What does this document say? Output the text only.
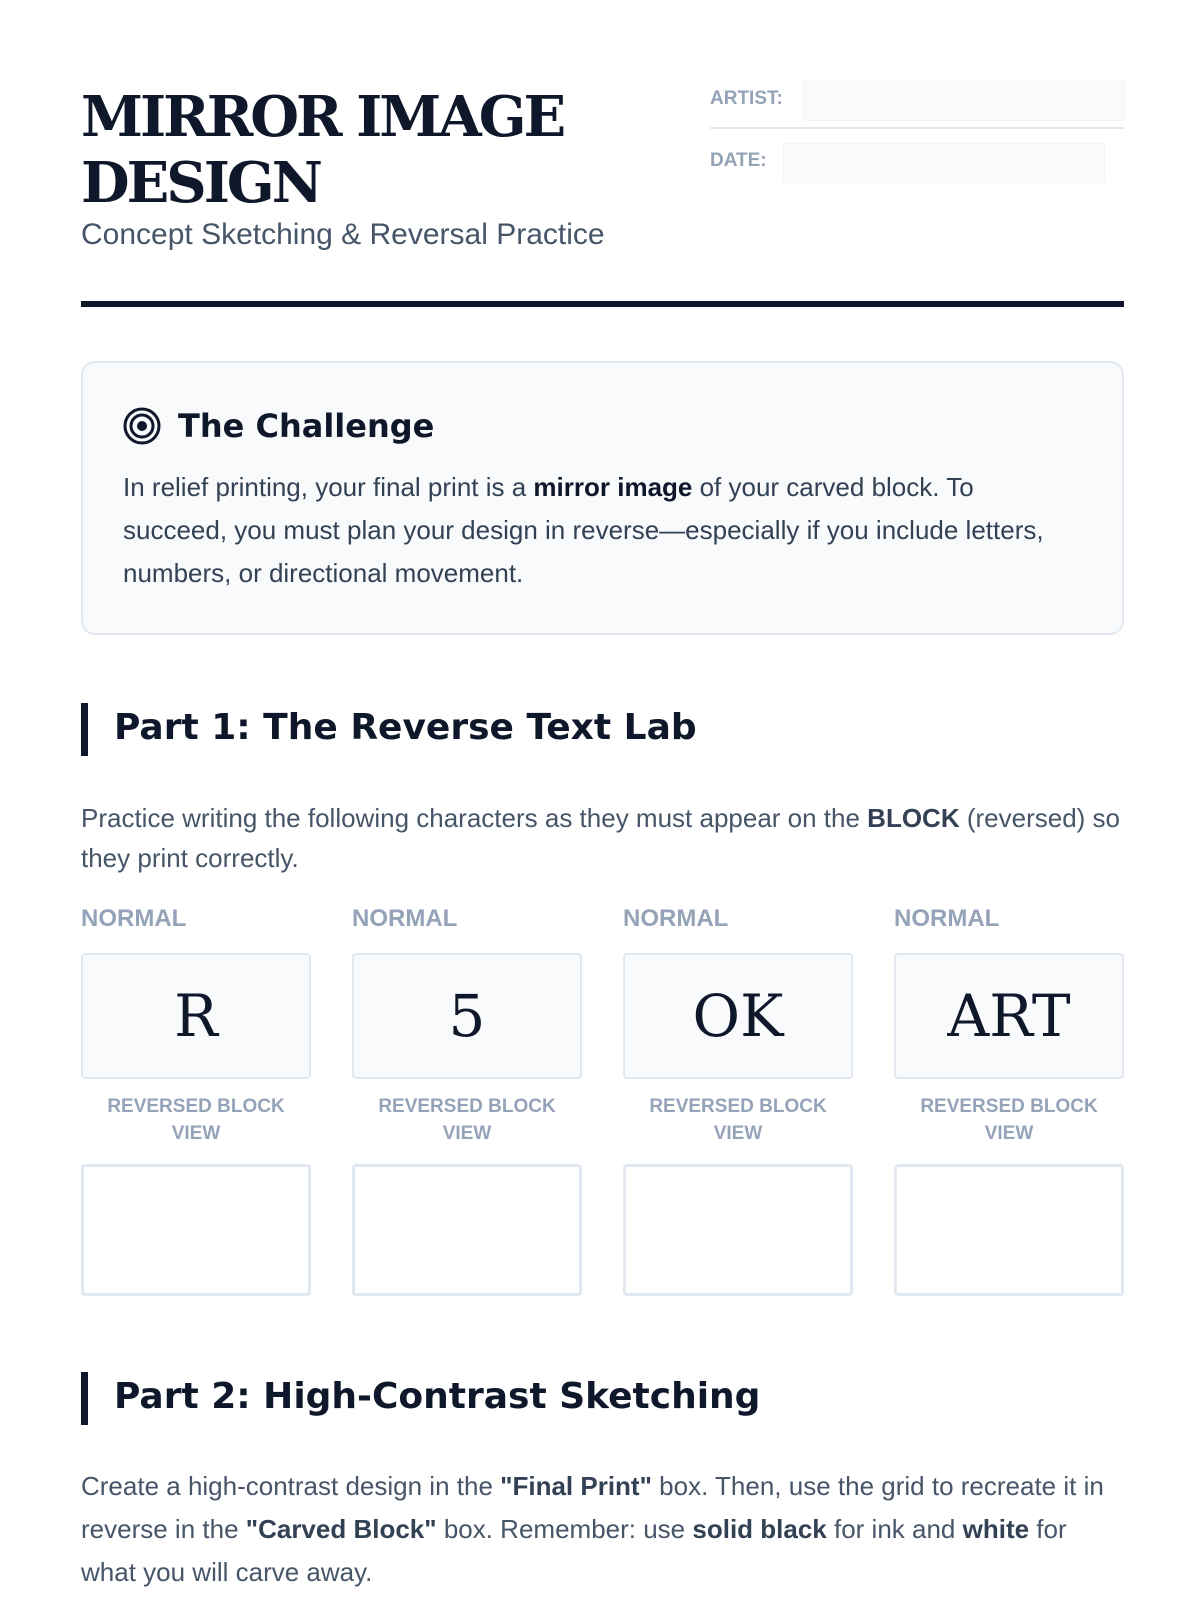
MIRROR IMAGE DESIGN

Concept Sketching & Reversal Practice

ARTIST:
DATE:
The Challenge

In relief printing, your final print is a mirror image of your carved block. To succeed, you must plan your design in reverse—especially if you include letters, numbers, or directional movement.

Part 1: The Reverse Text Lab

Practice writing the following characters as they must appear on the BLOCK (reversed) so they print correctly.

NORMAL
R
REVERSED BLOCK VIEW
NORMAL
5
REVERSED BLOCK VIEW
NORMAL
OK
REVERSED BLOCK VIEW
NORMAL
ART
REVERSED BLOCK VIEW
Part 2: High-Contrast Sketching

Create a high-contrast design in the "Final Print" box. Then, use the grid to recreate it in reverse in the "Carved Block" box. Remember: use solid black for ink and white for what you will carve away.
